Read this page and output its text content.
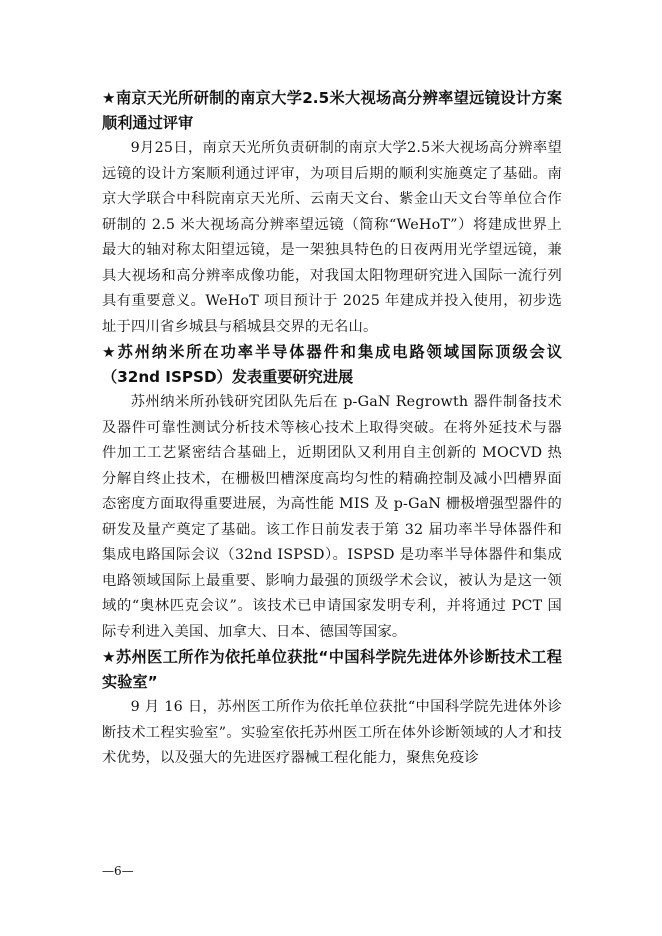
★南京天光所研制的南京大学2.5米大视场高分辨率望远镜设计方案顺利通过评审

9月25日，南京天光所负责研制的南京大学2.5米大视场高分辨率望远镜的设计方案顺利通过评审，为项目后期的顺利实施奠定了基础。南京大学联合中科院南京天光所、云南天文台、紫金山天文台等单位合作研制的 2.5 米大视场高分辨率望远镜（简称“WeHoT”）将建成世界上最大的轴对称太阳望远镜，是一架独具特色的日夜两用光学望远镜，兼具大视场和高分辨率成像功能，对我国太阳物理研究进入国际一流行列具有重要意义。WeHoT 项目预计于 2025 年建成并投入使用，初步选址于四川省乡城县与稻城县交界的无名山。

★苏州纳米所在功率半导体器件和集成电路领域国际顶级会议（32nd ISPSD）发表重要研究进展

苏州纳米所孙钱研究团队先后在 p-GaN Regrowth 器件制备技术及器件可靠性测试分析技术等核心技术上取得突破。在将外延技术与器件加工工艺紧密结合基础上，近期团队又利用自主创新的 MOCVD 热分解自终止技术，在栅极凹槽深度高均匀性的精确控制及减小凹槽界面态密度方面取得重要进展，为高性能 MIS 及 p-GaN 栅极增强型器件的研发及量产奠定了基础。该工作日前发表于第 32 届功率半导体器件和集成电路国际会议（32nd ISPSD）。ISPSD 是功率半导体器件和集成电路领域国际上最重要、影响力最强的顶级学术会议，被认为是这一领域的“奥林匹克会议”。该技术已申请国家发明专利，并将通过 PCT 国际专利进入美国、加拿大、日本、德国等国家。

★苏州医工所作为依托单位获批“中国科学院先进体外诊断技术工程实验室”

9 月 16 日，苏州医工所作为依托单位获批“中国科学院先进体外诊断技术工程实验室”。实验室依托苏州医工所在体外诊断领域的人才和技术优势，以及强大的先进医疗器械工程化能力，聚焦免疫诊

—6—
